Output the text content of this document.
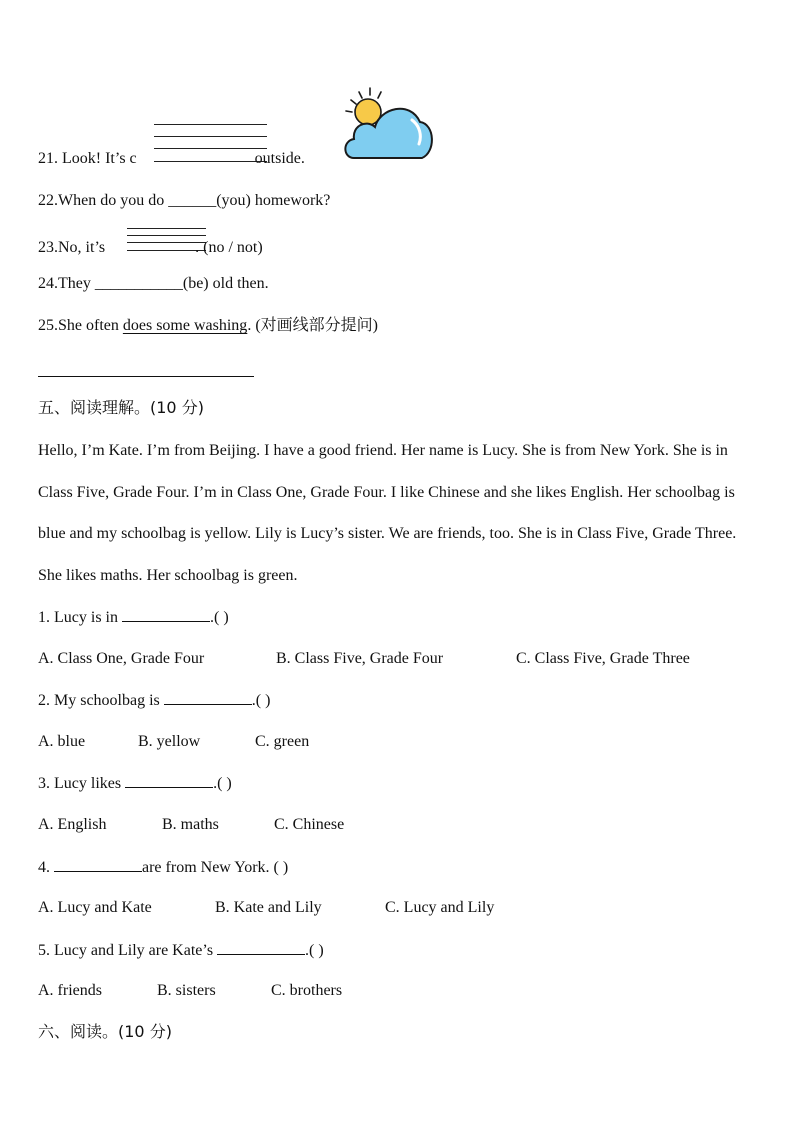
21. Look! It’s c	outside.
22.When do you do ______(you) homework?
23.No, it’s	. (no / not)
24.They ___________(be) old then.
25.She often does some washing. (对画线部分提问)
五、阅读理解。(10 分)
Hello, I’m Kate. I’m from Beijing. I have a good friend. Her name is Lucy. She is from New York. She is in Class Five, Grade Four. I’m in Class One, Grade Four. I like Chinese and she likes English. Her schoolbag is blue and my schoolbag is yellow. Lily is Lucy’s sister. We are friends, too. She is in Class Five, Grade Three. She likes maths. Her schoolbag is green.
1. Lucy is in	.( )
A. Class One, Grade Four	B. Class Five, Grade Four	C. Class Five, Grade Three
2. My schoolbag is	.( )
A. blue	B. yellow	C. green
3. Lucy likes	.( )
A. English	B. maths	C. Chinese
4.	are from New York. ( )
A. Lucy and Kate	B. Kate and Lily	C. Lucy and Lily
5. Lucy and Lily are Kate’s	.( )
A. friends	B. sisters	C. brothers
六、阅读。(10 分)
